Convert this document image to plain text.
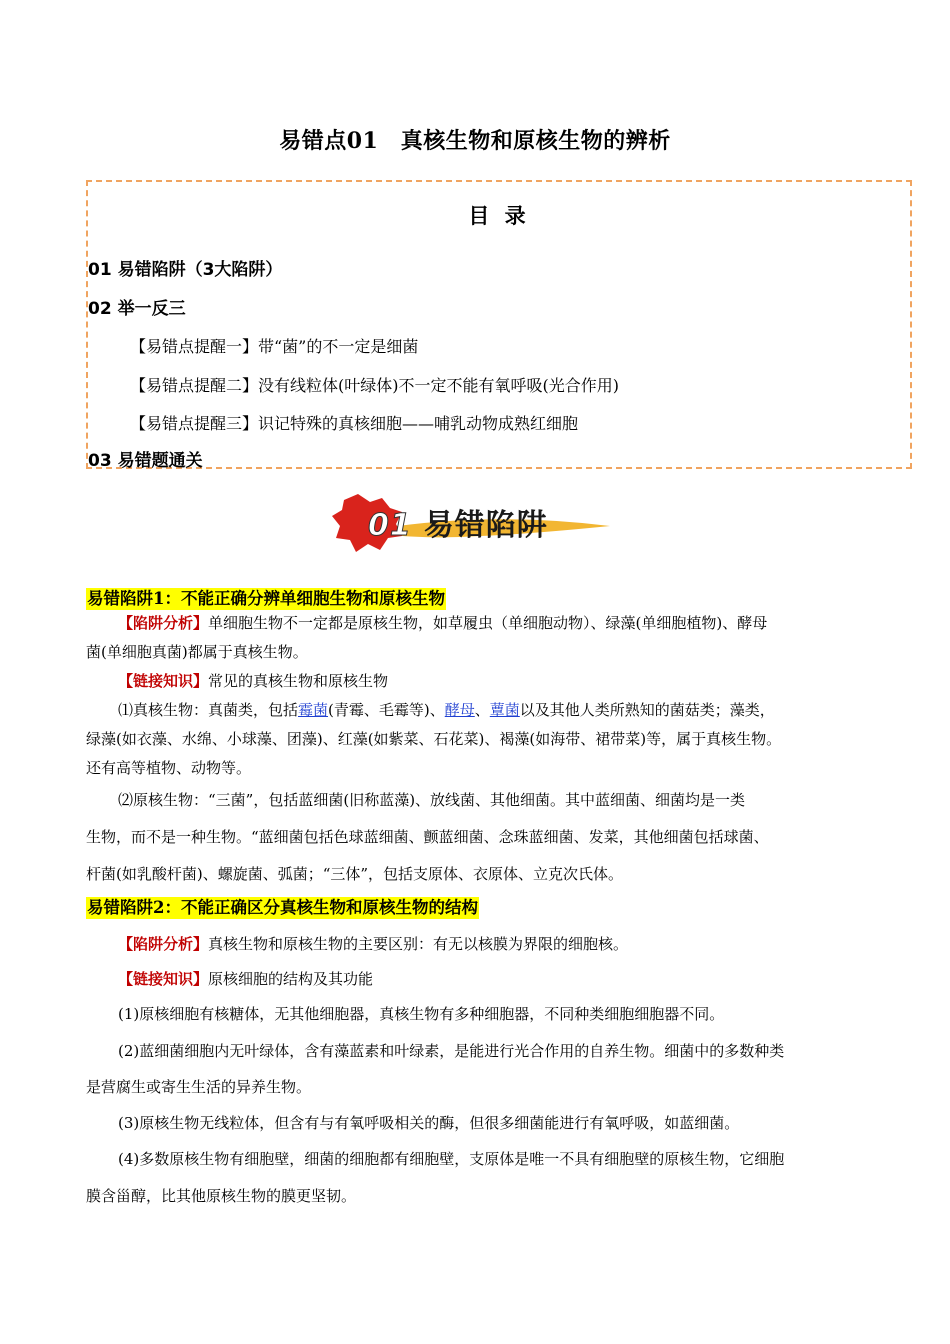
易错点01　真核生物和原核生物的辨析
目 录
01 易错陷阱（3大陷阱）
02 举一反三
【易错点提醒一】带“菌”的不一定是细菌
【易错点提醒二】没有线粒体(叶绿体)不一定不能有氧呼吸(光合作用)
【易错点提醒三】识记特殊的真核细胞——哺乳动物成熟红细胞
03 易错题通关
01 易错陷阱
易错陷阱1：不能正确分辨单细胞生物和原核生物
【陷阱分析】单细胞生物不一定都是原核生物，如草履虫（单细胞动物）、绿藻(单细胞植物)、酵母
菌(单细胞真菌)都属于真核生物。
【链接知识】常见的真核生物和原核生物
⑴真核生物：真菌类，包括霉菌(青霉、毛霉等)、酵母、蕈菌以及其他人类所熟知的菌菇类；藻类，
绿藻(如衣藻、水绵、小球藻、团藻)、红藻(如紫菜、石花菜)、褐藻(如海带、裙带菜)等，属于真核生物。
还有高等植物、动物等。
⑵原核生物：“三菌”，包括蓝细菌(旧称蓝藻)、放线菌、其他细菌。其中蓝细菌、细菌均是一类
生物，而不是一种生物。“蓝细菌包括色球蓝细菌、颤蓝细菌、念珠蓝细菌、发菜，其他细菌包括球菌、
杆菌(如乳酸杆菌)、螺旋菌、弧菌；“三体”，包括支原体、衣原体、立克次氏体。
易错陷阱2：不能正确区分真核生物和原核生物的结构
【陷阱分析】真核生物和原核生物的主要区别：有无以核膜为界限的细胞核。
【链接知识】原核细胞的结构及其功能
(1)原核细胞有核糖体，无其他细胞器，真核生物有多种细胞器，不同种类细胞细胞器不同。
(2)蓝细菌细胞内无叶绿体，含有藻蓝素和叶绿素，是能进行光合作用的自养生物。细菌中的多数种类
是营腐生或寄生生活的异养生物。
(3)原核生物无线粒体，但含有与有氧呼吸相关的酶，但很多细菌能进行有氧呼吸，如蓝细菌。
(4)多数原核生物有细胞壁，细菌的细胞都有细胞壁，支原体是唯一不具有细胞壁的原核生物，它细胞
膜含甾醇，比其他原核生物的膜更坚韧。
